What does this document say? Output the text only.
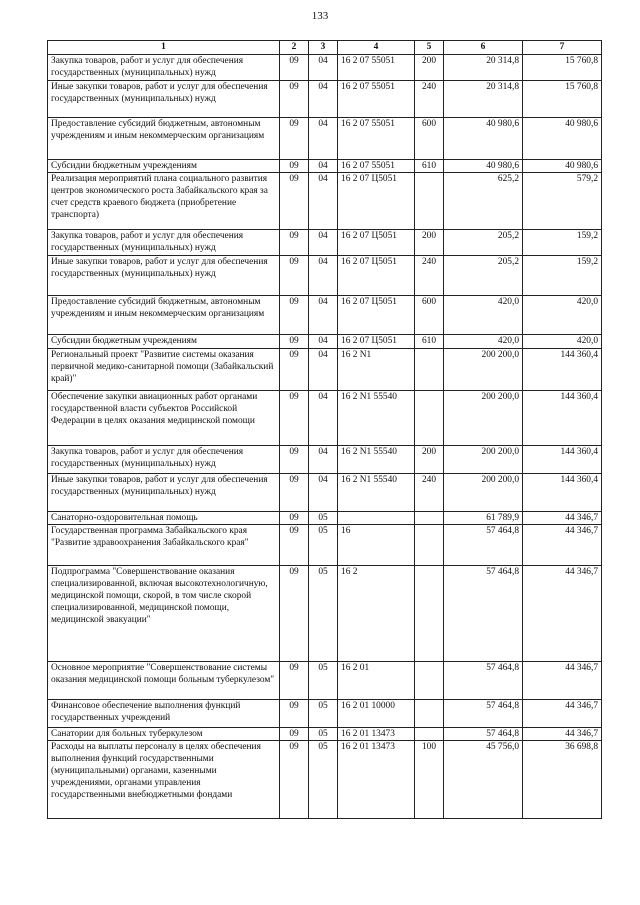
133
1	2	3	4	5	6	7
Закупка товаров, работ и услуг для обеспечения государственных (муниципальных) нужд	09	04	16 2 07 55051	200	20 314,8	15 760,8
Иные закупки товаров, работ и услуг для обеспечения государственных (муниципальных) нужд	09	04	16 2 07 55051	240	20 314,8	15 760,8
Предоставление субсидий бюджетным, автономным учреждениям и иным некоммерческим организациям	09	04	16 2 07 55051	600	40 980,6	40 980,6
Субсидии бюджетным учреждениям	09	04	16 2 07 55051	610	40 980,6	40 980,6
Реализация мероприятий плана социального развития центров экономического роста Забайкальского края за счет средств краевого бюджета (приобретение транспорта)	09	04	16 2 07 Ц5051		625,2	579,2
Закупка товаров, работ и услуг для обеспечения государственных (муниципальных) нужд	09	04	16 2 07 Ц5051	200	205,2	159,2
Иные закупки товаров, работ и услуг для обеспечения государственных (муниципальных) нужд	09	04	16 2 07 Ц5051	240	205,2	159,2
Предоставление субсидий бюджетным, автономным учреждениям и иным некоммерческим организациям	09	04	16 2 07 Ц5051	600	420,0	420,0
Субсидии бюджетным учреждениям	09	04	16 2 07 Ц5051	610	420,0	420,0
Региональный проект "Развитие системы оказания первичной медико-санитарной помощи (Забайкальский край)"	09	04	16 2 N1		200 200,0	144 360,4
Обеспечение закупки авиационных работ органами государственной власти субъектов Российской Федерации в целях оказания медицинской помощи	09	04	16 2 N1 55540		200 200,0	144 360,4
Закупка товаров, работ и услуг для обеспечения государственных (муниципальных) нужд	09	04	16 2 N1 55540	200	200 200,0	144 360,4
Иные закупки товаров, работ и услуг для обеспечения государственных (муниципальных) нужд	09	04	16 2 N1 55540	240	200 200,0	144 360,4
Санаторно-оздоровительная помощь	09	05			61 789,9	44 346,7
Государственная программа Забайкальского края "Развитие здравоохранения Забайкальского края"	09	05	16		57 464,8	44 346,7
Подпрограмма "Совершенствование оказания специализированной, включая высокотехнологичную, медицинской помощи, скорой, в том числе скорой специализированной, медицинской помощи, медицинской эвакуации"	09	05	16 2		57 464,8	44 346,7
Основное мероприятие "Совершенствование системы оказания медицинской помощи больным туберкулезом"	09	05	16 2 01		57 464,8	44 346,7
Финансовое обеспечение выполнения функций государственных учреждений	09	05	16 2 01 10000		57 464,8	44 346,7
Санатории для больных туберкулезом	09	05	16 2 01 13473		57 464,8	44 346,7
Расходы на выплаты персоналу в целях обеспечения выполнения функций государственными (муниципальными) органами, казенными учреждениями, органами управления государственными внебюджетными фондами	09	05	16 2 01 13473	100	45 756,0	36 698,8
